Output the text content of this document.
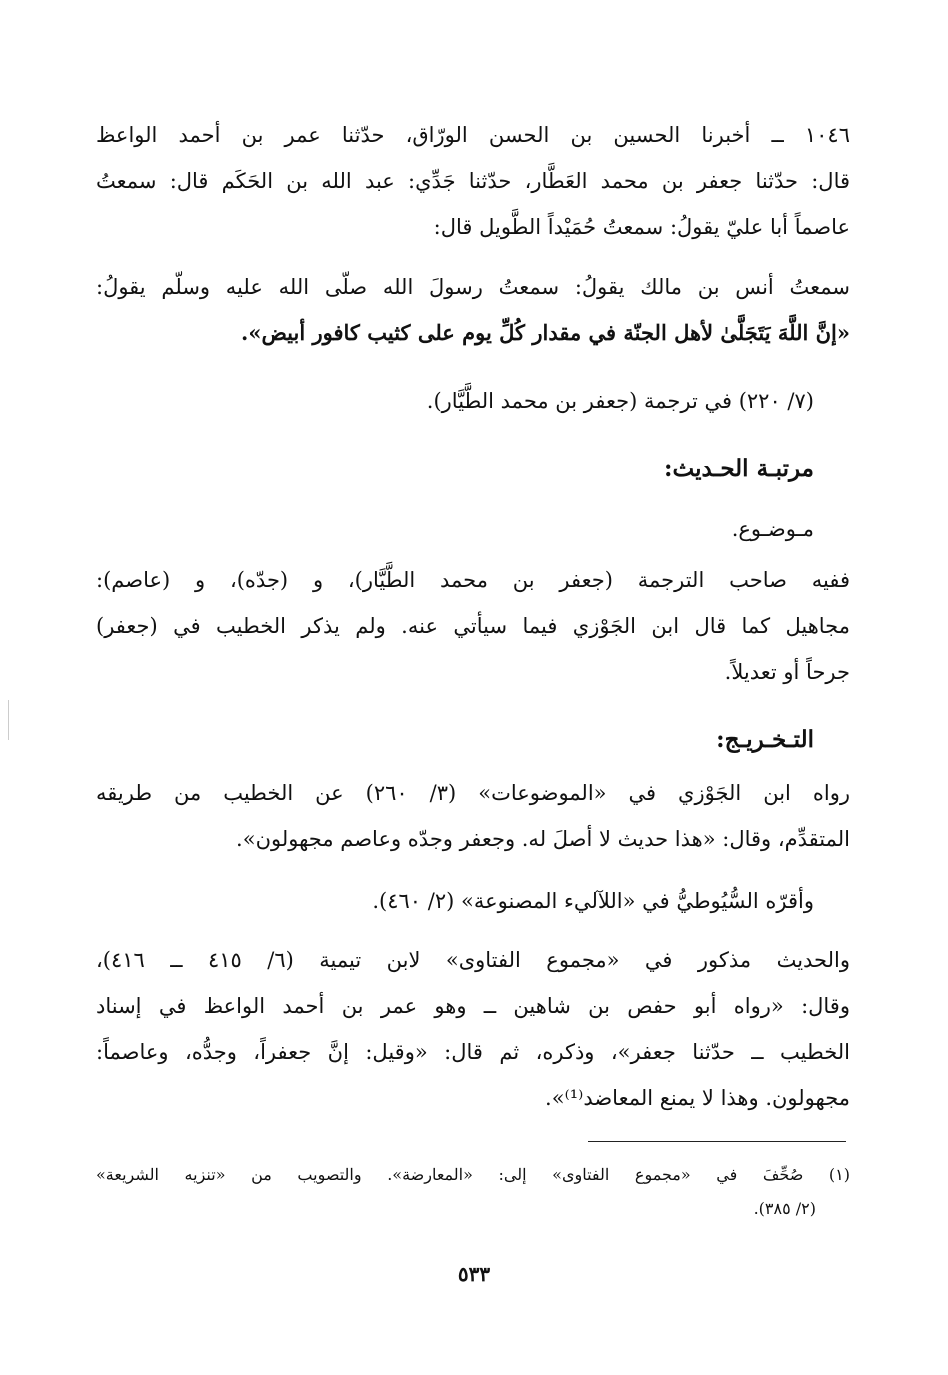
١٠٤٦ ــ أخبرنا الحسين بن الحسن الورّاق، حدّثنا عمر بن أحمد الواعظ
قال: حدّثنا جعفر بن محمد العَطَّار، حدّثنا جَدِّي: عبد الله بن الحَكَم قال: سمعتُ
عاصماً أبا عليّ يقولُ: سمعتُ حُمَيْداً الطَّويل قال:
سمعتُ أنس بن مالك يقولُ: سمعتُ رسولَ الله صلّى الله عليه وسلّم يقولُ:
«إنَّ اللَّهَ يَتَجَلَّىٰ لأهل الجنّة في مقدار كُلِّ يوم على كثيب كافور أبيض».
(٧/ ٢٢٠) في ترجمة (جعفر بن محمد الطَّيَّار).
مرتبـة الحـديث:
مـوضـوع.
ففيه صاحب الترجمة (جعفر بن محمد الطَّيَّار)، و (جدّه)، و (عاصم):
مجاهيل كما قال ابن الجَوْزي فيما سيأتي عنه. ولم يذكر الخطيب في (جعفر)
جرحاً أو تعديلاً.
التـخـريـج:
رواه ابن الجَوْزي في «الموضوعات» (٣/ ٢٦٠) عن الخطيب من طريقه
المتقدِّم، وقال: «هذا حديث لا أصلَ له. وجعفر وجدّه وعاصم مجهولون».
وأقرّه السُّيُوطيُّ في «اللآليء المصنوعة» (٢/ ٤٦٠).
والحديث مذكور في «مجموع الفتاوى» لابن تيمية (٦/ ٤١٥ ــ ٤١٦)،
وقال: «رواه أبو حفص بن شاهين ــ وهو عمر بن أحمد الواعظ في إسناد
الخطيب ــ حدّثنا جعفر»، وذكره، ثم قال: «وقيل: إنَّ جعفراً، وجدُّه، وعاصماً:
مجهولون. وهذا لا يمنع المعاضد⁽¹⁾».
(١) صُحِّفَ في «مجموع الفتاوى» إلى: «المعارضة». والتصويب من «تنزيه الشريعة»
(٢/ ٣٨٥).
٥٣٣
